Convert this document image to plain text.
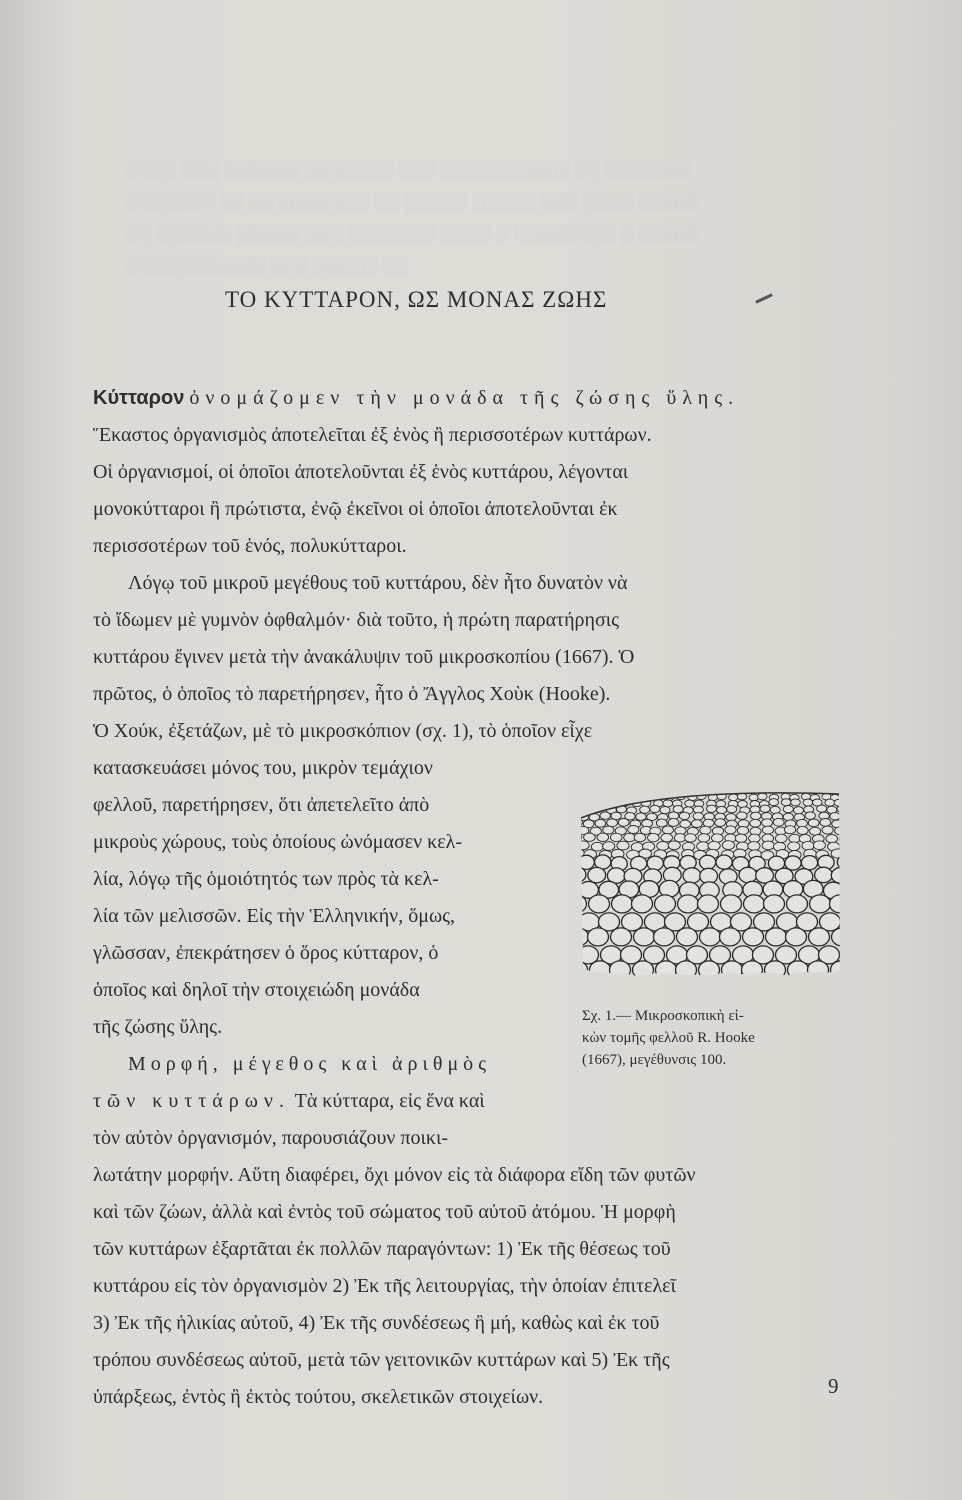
░░░░ ░░░ ░░░░░░ ░░░░░░░ ░░░ ░░░░░░░░░░ ░░ ░░░░░░░
░░░░░░░ ░░ ░░ ░░░░░░░ ░░ ░░░░░ ░░░░░ ░░░ ░░░░ ░░░░░
░░ ░░░░░░ ░░░░░ ░░░ ░░░░░░░ ░░░░ ░ ░░░░░░░░ ░ ░░░░░
░░░░░░░░░░░ ░░░ ░░░░░ ░░
ΤΟ ΚΥΤΤΑΡΟΝ, ΩΣ ΜΟΝΑΣ ΖΩΗΣ
Κύτταρον ὀνομάζομεν τὴν μονάδα τῆς ζώσης ὕλης.
Ἕκαστος ὀργανισμὸς ἀποτελεῖται ἐξ ἑνὸς ἢ περισσοτέρων κυττάρων.
Οἱ ὀργανισμοί, οἱ ὁποῖοι ἀποτελοῦνται ἐξ ἑνὸς κυττάρου, λέγονται
μονοκύτταροι ἢ πρώτιστα, ἐνῷ ἐκεῖνοι οἱ ὁποῖοι ἀποτελοῦνται ἐκ
περισσοτέρων τοῦ ἑνός, πολυκύτταροι.
Λόγῳ τοῦ μικροῦ μεγέθους τοῦ κυττάρου, δὲν ἦτο δυνατὸν νὰ
τὸ ἴδωμεν μὲ γυμνὸν ὀφθαλμόν· διὰ τοῦτο, ἡ πρώτη παρατήρησις
κυττάρου ἔγινεν μετὰ τὴν ἀνακάλυψιν τοῦ μικροσκοπίου (1667). Ὁ
πρῶτος, ὁ ὁποῖος τὸ παρετήρησεν, ἦτο ὁ Ἄγγλος Χοὺκ (Hooke).
Ὁ Χούκ, ἐξετάζων, μὲ τὸ μικροσκόπιον (σχ. 1), τὸ ὁποῖον εἶχε
κατασκευάσει μόνος του, μικρὸν τεμάχιον
φελλοῦ, παρετήρησεν, ὅτι ἀπετελεῖτο ἀπὸ
μικροὺς χώρους, τοὺς ὁποίους ὠνόμασεν κελ-
λία, λόγῳ τῆς ὁμοιότητός των πρὸς τὰ κελ-
λία τῶν μελισσῶν. Εἰς τὴν Ἑλληνικήν, ὅμως,
γλῶσσαν, ἐπεκράτησεν ὁ ὅρος κύτταρον, ὁ
ὁποῖος καὶ δηλοῖ τὴν στοιχειώδη μονάδα
τῆς ζώσης ὕλης.
Μορφή, μέγεθος καὶ ἀριθμὸς
τῶν κυττάρων. Τὰ κύτταρα, εἰς ἕνα καὶ
τὸν αὐτὸν ὀργανισμόν, παρουσιάζουν ποικι-
λωτάτην μορφήν. Αὕτη διαφέρει, ὄχι μόνον εἰς τὰ διάφορα εἴδη τῶν φυτῶν
καὶ τῶν ζώων, ἀλλὰ καὶ ἐντὸς τοῦ σώματος τοῦ αὐτοῦ ἀτόμου. Ἡ μορφὴ
τῶν κυττάρων ἐξαρτᾶται ἐκ πολλῶν παραγόντων: 1) Ἐκ τῆς θέσεως τοῦ
κυττάρου εἰς τὸν ὀργανισμὸν 2) Ἐκ τῆς λειτουργίας, τὴν ὁποίαν ἐπιτελεῖ
3) Ἐκ τῆς ἡλικίας αὐτοῦ, 4) Ἐκ τῆς συνδέσεως ἢ μή, καθὼς καὶ ἐκ τοῦ
τρόπου συνδέσεως αὐτοῦ, μετὰ τῶν γειτονικῶν κυττάρων καὶ 5) Ἐκ τῆς
ὑπάρξεως, ἐντὸς ἢ ἐκτὸς τούτου, σκελετικῶν στοιχείων.
Σχ. 1.— Μικροσκοπικὴ εἰ-
κὼν τομῆς φελλοῦ R. Hooke
(1667), μεγέθυνσις 100.
9
